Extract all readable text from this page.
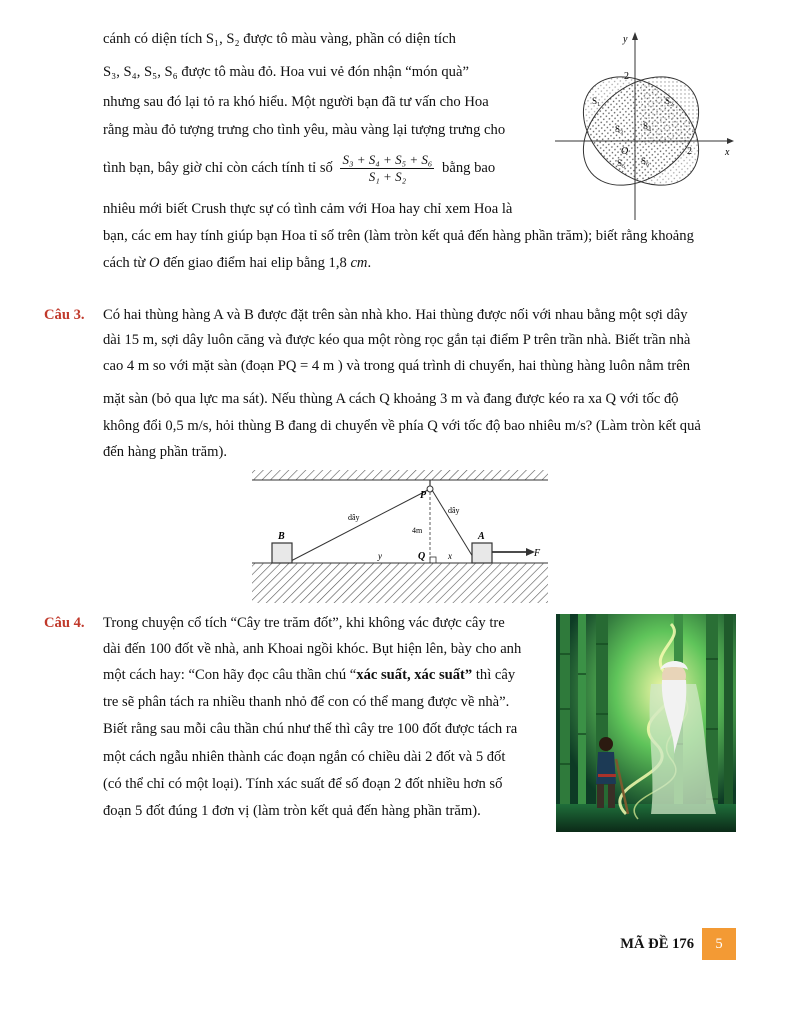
cánh có diện tích S₁, S₂ được tô màu vàng, phần có diện tích
S₃, S₄, S₅, S₆ được tô màu đỏ. Hoa vui vẻ đón nhận “món quà”
nhưng sau đó lại tỏ ra khó hiểu. Một người bạn đã tư vấn cho Hoa
rằng màu đỏ tượng trưng cho tình yêu, màu vàng lại tượng trưng cho
tình bạn, bây giờ chỉ còn cách tính tỉ số $\frac{\text{S₃ + S₄ + S₅ + S₆}}{\text{S₁ + S₂}}$ bằng bao
nhiêu mới biết Crush thực sự có tình cảm với Hoa hay chỉ xem Hoa là
bạn, các em hay tính giúp bạn Hoa tỉ số trên (làm tròn kết quả đến hàng phần trăm); biết rằng khoảng
cách từ O đến giao điểm hai elip bằng 1,8 cm.
y
x
2
2
O
S₁	S₂
S₃ S₄
S₅ S₆
Câu 3. Có hai thùng hàng A và B được đặt trên sàn nhà kho. Hai thùng được nối với nhau bằng một sợi dây
dài 15 m, sợi dây luôn căng và được kéo qua một ròng rọc gắn tại điểm P trên trần nhà. Biết trần nhà
cao 4 m so với mặt sàn (đoạn PQ = 4 m ) và trong quá trình di chuyển, hai thùng hàng luôn nằm trên
mặt sàn (bỏ qua lực ma sát). Nếu thùng A cách Q khoảng 3 m và đang được kéo ra xa Q với tốc độ
không đổi 0,5 m/s, hỏi thùng B đang di chuyển về phía Q với tốc độ bao nhiêu m/s? (Làm tròn kết quả
đến hàng phần trăm).
P
Q
B	A
F
dây
dây
4m
y	x
Câu 4. Trong chuyện cổ tích “Cây tre trăm đốt”, khi không vác được cây tre
dài đến 100 đốt về nhà, anh Khoai ngồi khóc. Bụt hiện lên, bày cho anh
một cách hay: “Con hãy đọc câu thần chú “xác suất, xác suất” thì cây
tre sẽ phân tách ra nhiều thanh nhỏ để con có thể mang được về nhà”.
Biết rằng sau mỗi câu thần chú như thế thì cây tre 100 đốt được tách ra
một cách ngẫu nhiên thành các đoạn ngắn có chiều dài 2 đốt và 5 đốt
(có thể chỉ có một loại). Tính xác suất để số đoạn 2 đốt nhiều hơn số
đoạn 5 đốt đúng 1 đơn vị (làm tròn kết quả đến hàng phần trăm).
MÃ ĐỀ 176	5
